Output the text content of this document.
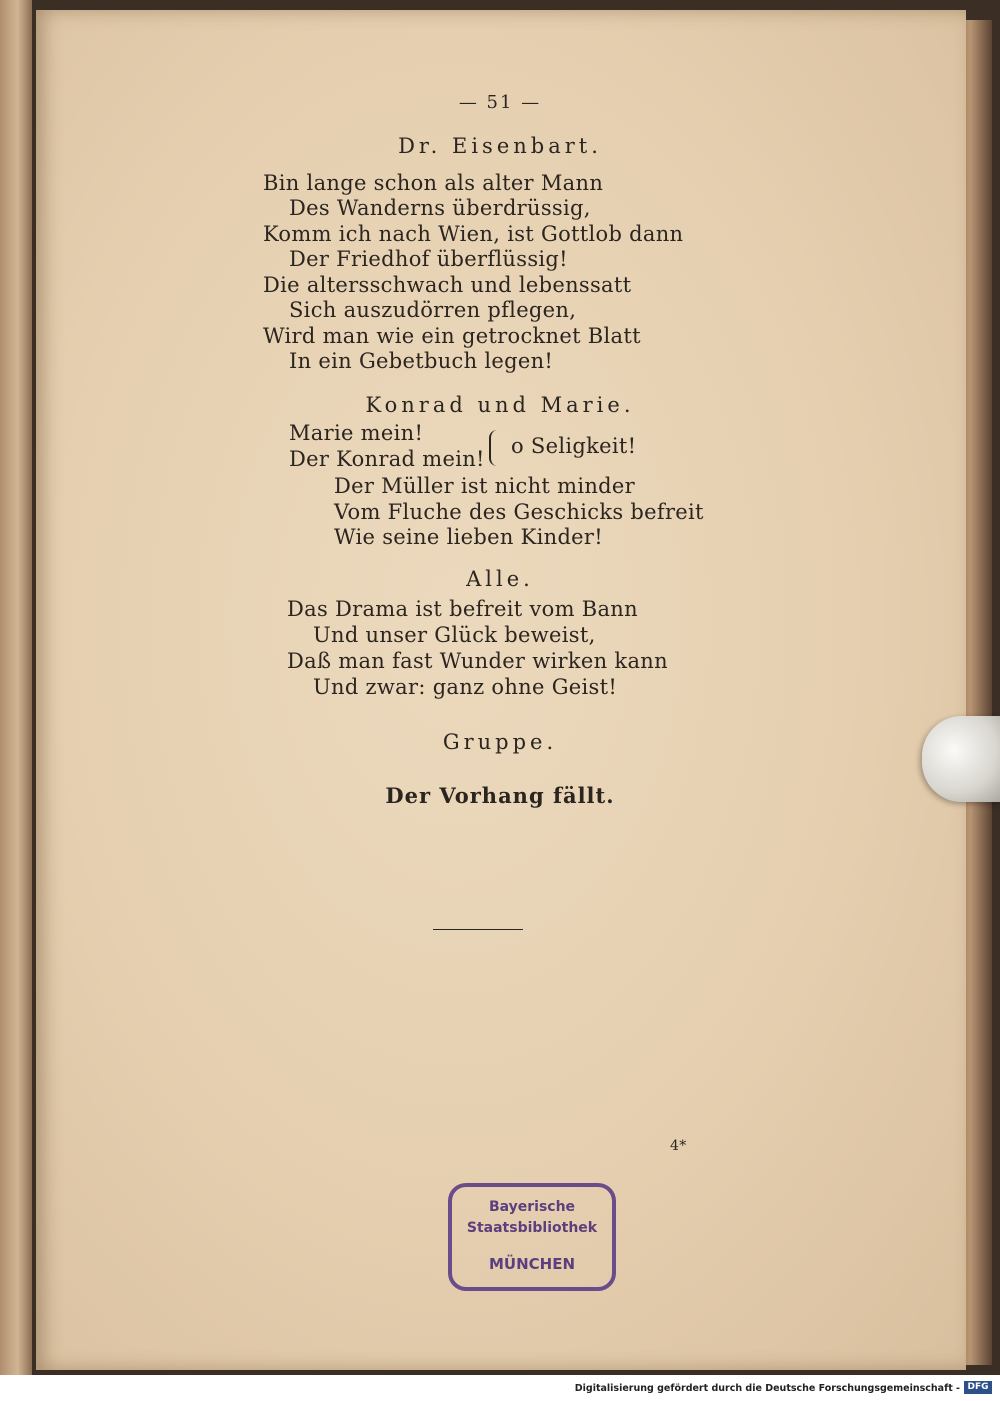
— 51 —
Dr. Eisenbart.
Bin lange schon als alter Mann
Des Wanderns überdrüssig,
Komm ich nach Wien, ist Gottlob dann
Der Friedhof überflüssig!
Die altersschwach und lebenssatt
Sich auszudörren pflegen,
Wird man wie ein getrocknet Blatt
In ein Gebetbuch legen!
Konrad und Marie.
Marie mein!
Der Konrad mein!
o Seligkeit!
Der Müller ist nicht minder
Vom Fluche des Geschicks befreit
Wie seine lieben Kinder!
Alle.
Das Drama ist befreit vom Bann
Und unser Glück beweist,
Daß man fast Wunder wirken kann
Und zwar: ganz ohne Geist!
Gruppe.
Der Vorhang fällt.
4*
Bayerische
Staatsbibliothek
MÜNCHEN
Digitalisierung gefördert durch die Deutsche Forschungsgemeinschaft - DFG
